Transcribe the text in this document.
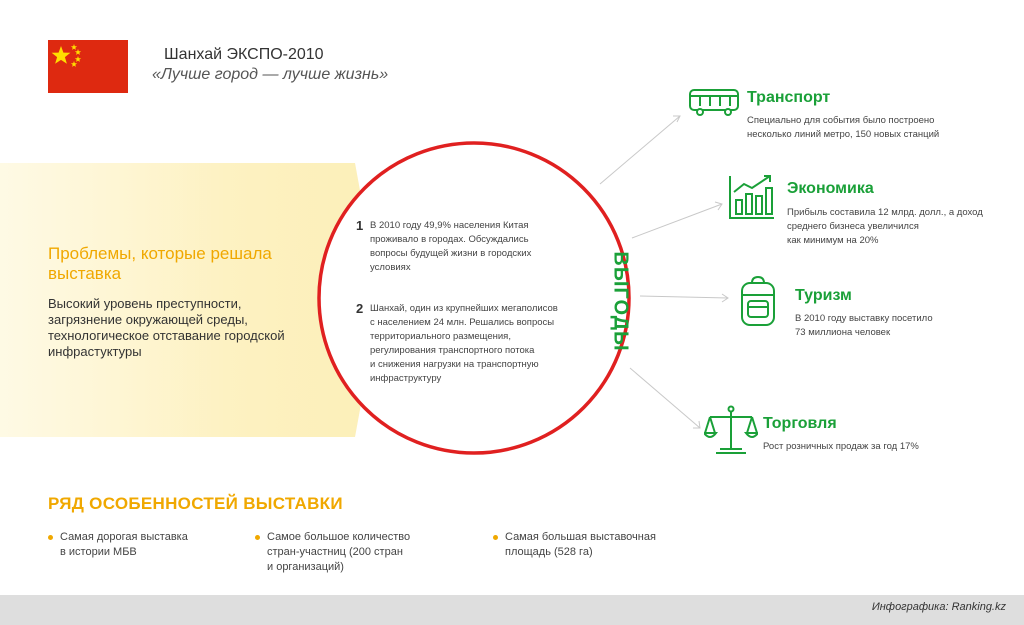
Шанхай ЭКСПО-2010
«Лучше город — лучше жизнь»
Проблемы, которые решала выставка
Высокий уровень преступности, загрязнение окружающей среды, технологическое отставание городской инфрастуктуры
1 В 2010 году 49,9% населения Китая
проживало в городах. Обсуждались
вопросы будущей жизни в городских
условиях
2 Шанхай, один из крупнейших мегаполисов
с населением 24 млн. Решались вопросы
территориального размещения,
регулирования транспортного потока
и снижения нагрузки на транспортную
инфраструктуру
ВЫГОДЫ
Транспорт
Специально для события было построено
несколько линий метро, 150 новых станций
Экономика
Прибыль составила 12 млрд. долл., а доход
среднего бизнеса увеличился
как минимум на 20%
Туризм
В 2010 году выставку посетило
73 миллиона человек
Торговля
Рост розничных продаж за год 17%
РЯД ОСОБЕННОСТЕЙ ВЫСТАВКИ
Самая дорогая выставка
в истории МБВ
Самое большое количество
стран-участниц (200 стран
и организаций)
Самая большая выставочная
площадь (528 га)
Инфографика: Ranking.kz
